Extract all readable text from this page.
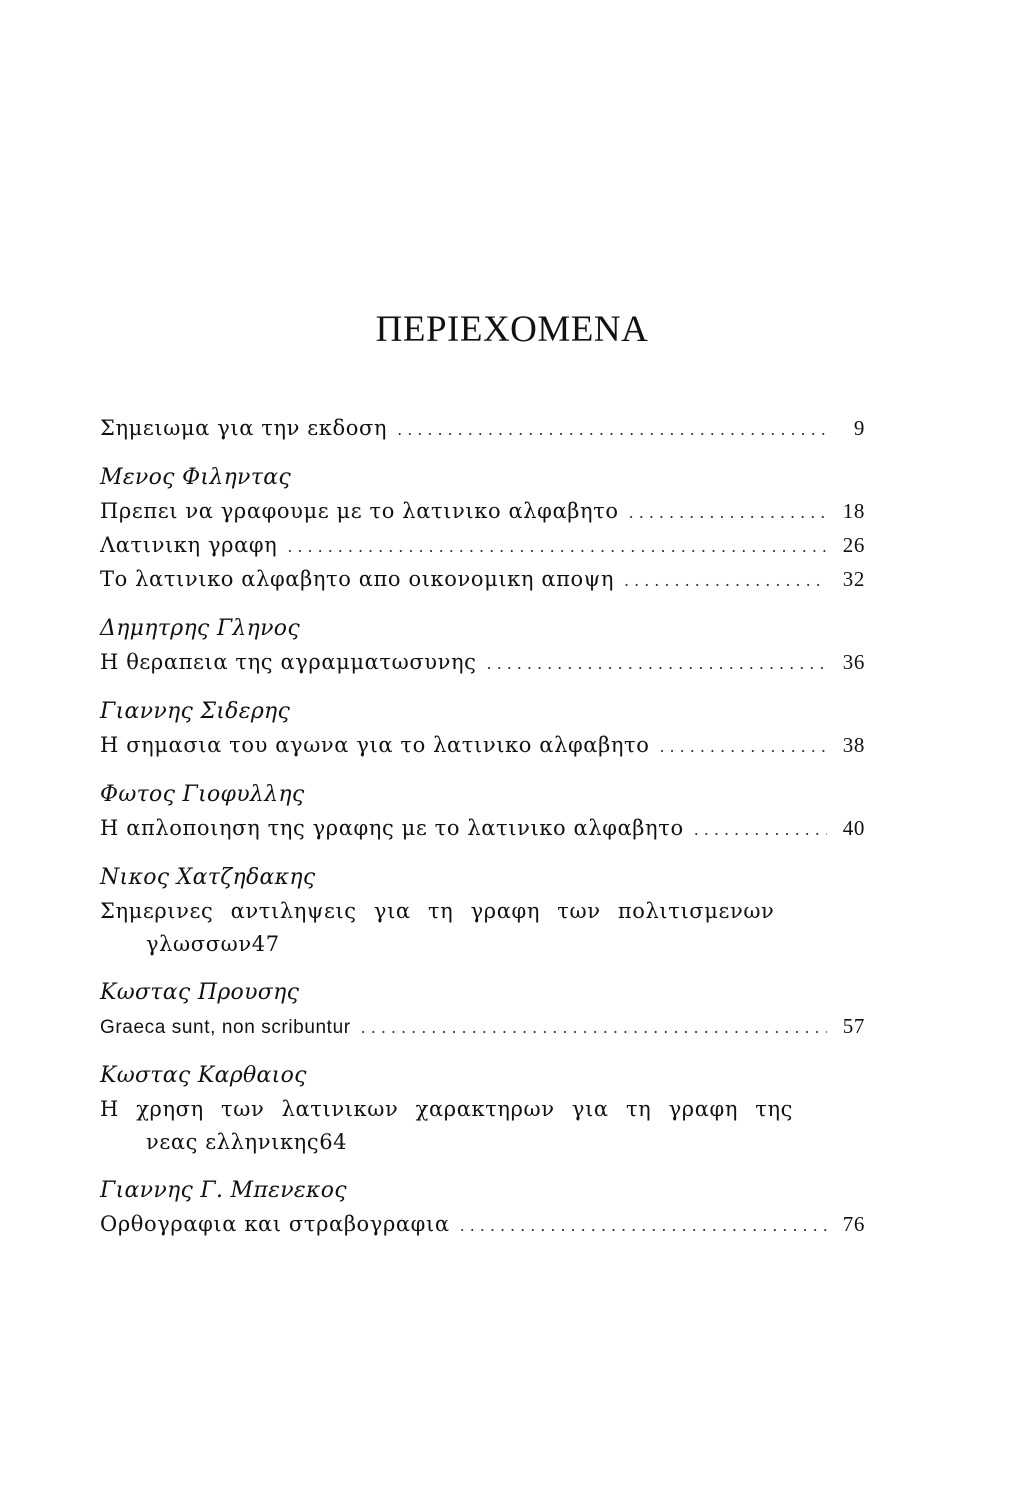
ΠΕΡΙΕΧΟΜΕΝΑ
Σημειωμα για την εκδοση .....	9
Μενος Φιληντας
Πρεπει να γραφουμε με το λατινικο αλφαβητο .....	18
Λατινικη γραφη .....	26
Το λατινικο αλφαβητο απο οικονομικη αποψη .....	32
Δημητρης Γληνος
Η θεραπεια της αγραμματωσυνης .....	36
Γιαννης Σιδερης
Η σημασια του αγωνα για το λατινικο αλφαβητο .....	38
Φωτος Γιοφυλλης
Η απλοποιηση της γραφης με το λατινικο αλφαβητο .....	40
Νικος Χατζηδακης
Σημερινες αντιληψεις για τη γραφη των πολιτισμενων
γλωσσων 47
Κωστας Προυσης
Graeca sunt, non scribuntur .....	57
Κωστας Καρθαιος
Η χρηση των λατινικων χαρακτηρων για τη γραφη της
νεας ελληνικης 64
Γιαννης Γ. Μπενεκος
Ορθογραφια και στραβογραφια .....	76
